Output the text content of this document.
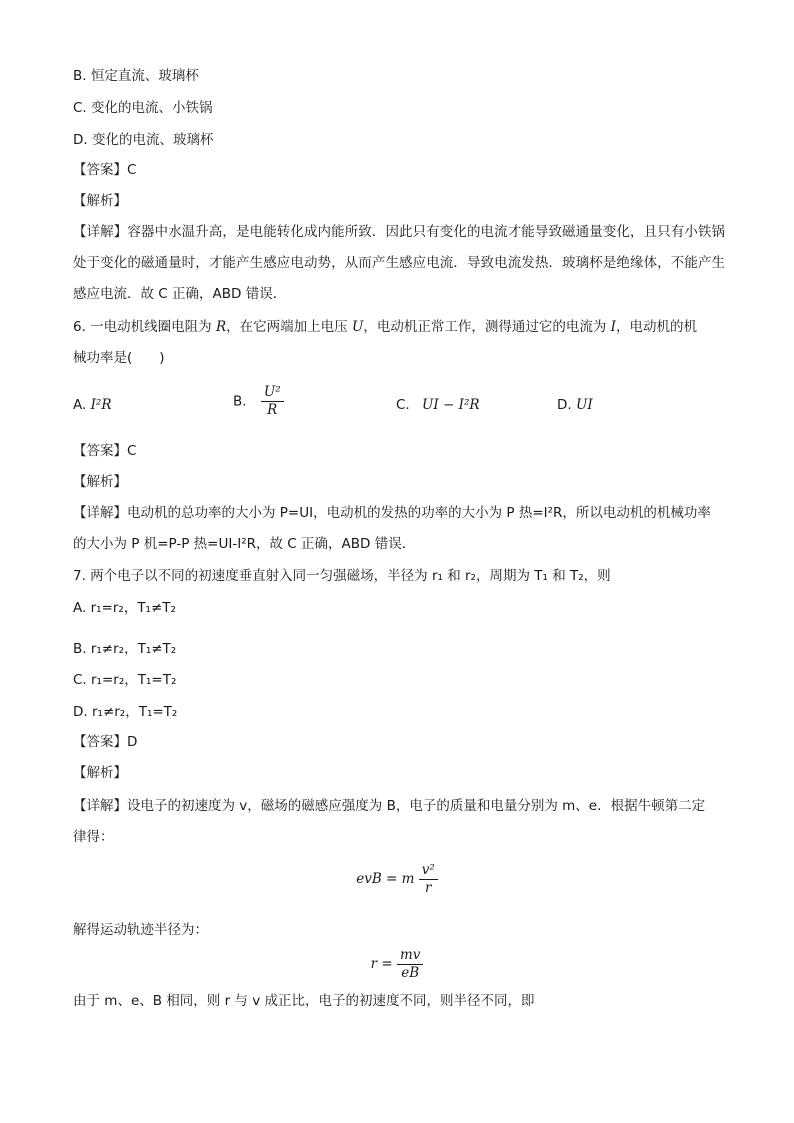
B. 恒定直流、玻璃杯
C. 变化的电流、小铁锅
D. 变化的电流、玻璃杯
【答案】C
【解析】
【详解】容器中水温升高，是电能转化成内能所致．因此只有变化的电流才能导致磁通量变化，且只有小铁锅处于变化的磁通量时，才能产生感应电动势，从而产生感应电流．导致电流发热．玻璃杯是绝缘体，不能产生感应电流．故 C 正确，ABD 错误．
6. 一电动机线圈电阻为 R，在它两端加上电压 U，电动机正常工作，测得通过它的电流为 I，电动机的机
械功率是(　　)
A. I²R	B. $\frac{\text{U²}}{R}$	C. UI − I²R	D. UI
【答案】C
【解析】
【详解】电动机的总功率的大小为 P=UI，电动机的发热的功率的大小为 P 热=I²R，所以电动机的机械功率
的大小为 P 机=P-P 热=UI-I²R，故 C 正确，ABD 错误．
7. 两个电子以不同的初速度垂直射入同一匀强磁场，半径为 r₁ 和 r₂，周期为 T₁ 和 T₂，则
A. r₁=r₂，T₁≠T₂
B. r₁≠r₂，T₁≠T₂
C. r₁=r₂，T₁=T₂
D. r₁≠r₂，T₁=T₂
【答案】D
【解析】
【详解】设电子的初速度为 v，磁场的磁感应强度为 B，电子的质量和电量分别为 m、e．根据牛顿第二定
律得：
evB = m $\frac{\text{v²}}{r}$
解得运动轨迹半径为：
$r = \frac{mv}{eB}$
由于 m、e、B 相同，则 r 与 v 成正比，电子的初速度不同，则半径不同，即
